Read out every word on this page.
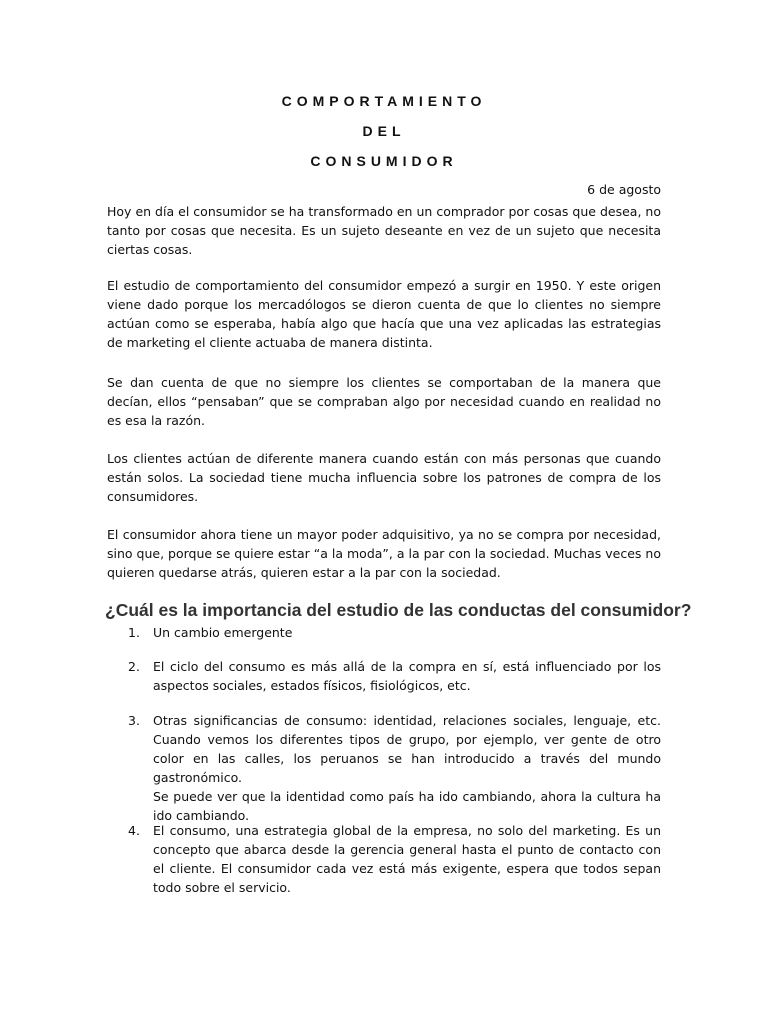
COMPORTAMIENTO
DEL
CONSUMIDOR
6 de agosto

Hoy en día el consumidor se ha transformado en un comprador por cosas que desea, no tanto por cosas que necesita. Es un sujeto deseante en vez de un sujeto que necesita ciertas cosas.

El estudio de comportamiento del consumidor empezó a surgir en 1950. Y este origen viene dado porque los mercadólogos se dieron cuenta de que lo clientes no siempre actúan como se esperaba, había algo que hacía que una vez aplicadas las estrategias de marketing el cliente actuaba de manera distinta.

Se dan cuenta de que no siempre los clientes se comportaban de la manera que decían, ellos “pensaban” que se compraban algo por necesidad cuando en realidad no es esa la razón.

Los clientes actúan de diferente manera cuando están con más personas que cuando están solos. La sociedad tiene mucha influencia sobre los patrones de compra de los consumidores.

El consumidor ahora tiene un mayor poder adquisitivo, ya no se compra por necesidad, sino que, porque se quiere estar “a la moda”, a la par con la sociedad. Muchas veces no quieren quedarse atrás, quieren estar a la par con la sociedad.

¿Cuál es la importancia del estudio de las conductas del consumidor?
1. Un cambio emergente
2. El ciclo del consumo es más allá de la compra en sí, está influenciado por los aspectos sociales, estados físicos, fisiológicos, etc.
3. Otras significancias de consumo: identidad, relaciones sociales, lenguaje, etc. Cuando vemos los diferentes tipos de grupo, por ejemplo, ver gente de otro color en las calles, los peruanos se han introducido a través del mundo gastronómico.

Se puede ver que la identidad como país ha ido cambiando, ahora la cultura ha ido cambiando.

4. El consumo, una estrategia global de la empresa, no solo del marketing. Es un concepto que abarca desde la gerencia general hasta el punto de contacto con el cliente. El consumidor cada vez está más exigente, espera que todos sepan todo sobre el servicio.
